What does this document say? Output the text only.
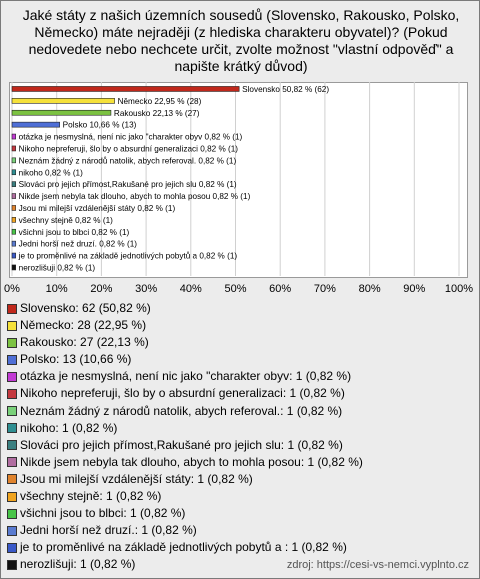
Jaké státy z našich územních sousedů (Slovensko, Rakousko, Polsko, Německo) máte nejraději (z hlediska charakteru obyvatel)? (Pokud nedovedete nebo nechcete určit, zvolte možnost "vlastní odpověď" a napište krátký důvod)
0% 10% 20% 30% 40% 50% 60% 70% 80% 90% 100%
Slovensko 50,82 % (62)
Německo 22,95 % (28)
Rakousko 22,13 % (27)
Polsko 10,66 % (13)
otázka je nesmyslná, není nic jako "charakter obyv 0,82 % (1)
Nikoho nepreferuji, šlo by o absurdní generalizaci 0,82 % (1)
Neznám žádný z národů natolik, abych referoval. 0,82 % (1)
nikoho 0,82 % (1)
Slováci pro jejich přímost,Rakušané pro jejich slu 0,82 % (1)
Nikde jsem nebyla tak dlouho, abych to mohla posou 0,82 % (1)
Jsou mi milejší vzdálenější státy 0,82 % (1)
všechny stejně 0,82 % (1)
všichni jsou to blbci 0,82 % (1)
Jedni horší než druzí. 0,82 % (1)
je to proměnlivé na základě jednotlivých pobytů a 0,82 % (1)
nerozlišuji 0,82 % (1)
Slovensko: 62 (50,82 %)
Německo: 28 (22,95 %)
Rakousko: 27 (22,13 %)
Polsko: 13 (10,66 %)
otázka je nesmyslná, není nic jako "charakter obyv: 1 (0,82 %)
Nikoho nepreferuji, šlo by o absurdní generalizaci: 1 (0,82 %)
Neznám žádný z národů natolik, abych referoval.: 1 (0,82 %)
nikoho: 1 (0,82 %)
Slováci pro jejich přímost,Rakušané pro jejich slu: 1 (0,82 %)
Nikde jsem nebyla tak dlouho, abych to mohla posou: 1 (0,82 %)
Jsou mi milejší vzdálenější státy: 1 (0,82 %)
všechny stejně: 1 (0,82 %)
všichni jsou to blbci: 1 (0,82 %)
Jedni horší než druzí.: 1 (0,82 %)
je to proměnlivé na základě jednotlivých pobytů a : 1 (0,82 %)
nerozlišuji: 1 (0,82 %)	zdroj: https://cesi-vs-nemci.vyplnto.cz
